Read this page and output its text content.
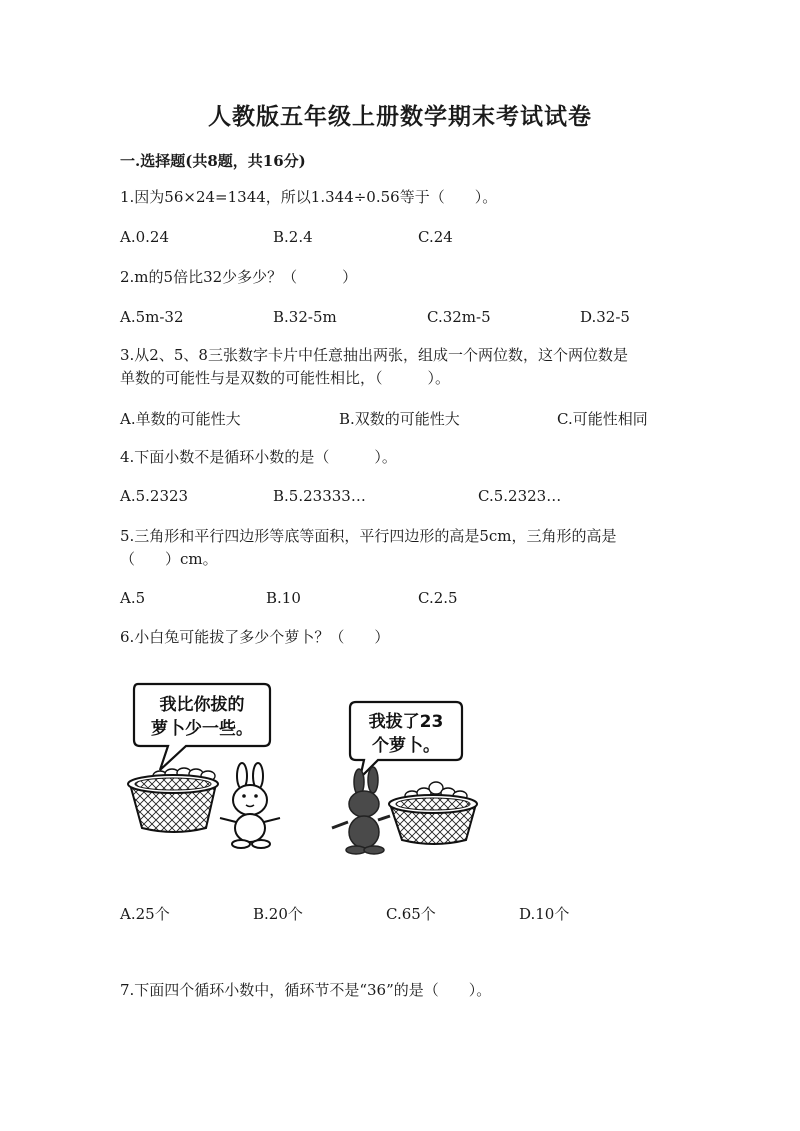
人教版五年级上册数学期末考试试卷
一.选择题(共8题，共16分)
1.因为56×24=1344，所以1.344÷0.56等于（　　）。
A.0.24	B.2.4	C.24
2.m的5倍比32少多少？（　　　）
A.5m-32	B.32-5m	C.32m-5	D.32-5
3.从2、5、8三张数字卡片中任意抽出两张，组成一个两位数，这个两位数是
单数的可能性与是双数的可能性相比，（　　　）。
A.单数的可能性大	B.双数的可能性大	C.可能性相同
4.下面小数不是循环小数的是（　　　）。
A.5.2323	B.5.23333…	C.5.2323…
5.三角形和平行四边形等底等面积，平行四边形的高是5cm，三角形的高是
（　　）cm。
A.5	B.10	C.2.5
6.小白兔可能拔了多少个萝卜？（　　）
我比你拔的
萝卜少一些。	我拔了23
个萝卜。
A.25个	B.20个	C.65个	D.10个
7.下面四个循环小数中，循环节不是“36”的是（　　）。
